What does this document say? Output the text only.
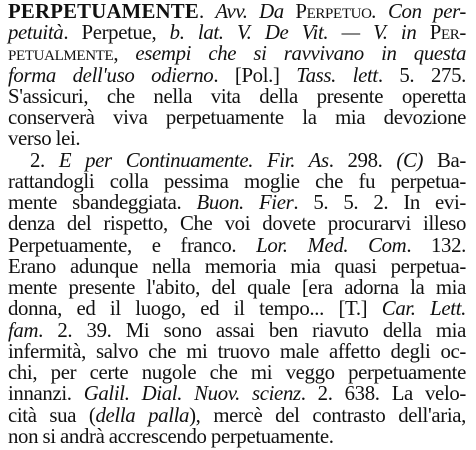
PERPETUAMENTE. Avv. Da Perpetuo. Con per-
petuità. Perpetue, b. lat. V. De Vit. — V. in Per-
petualmente, esempi che si ravvivano in questa
forma dell'uso odierno. [Pol.] Tass. lett. 5. 275.
S'assicuri, che nella vita della presente operetta
conserverà viva perpetuamente la mia devozione
verso lei.
2. E per Continuamente. Fir. As. 298. (C) Ba-
rattandogli colla pessima moglie che fu perpetua-
mente sbandeggiata. Buon. Fier. 5. 5. 2. In evi-
denza del rispetto, Che voi dovete procurarvi illeso
Perpetuamente, e franco. Lor. Med. Com. 132.
Erano adunque nella memoria mia quasi perpetua-
mente presente l'abito, del quale [era adorna la mia
donna, ed il luogo, ed il tempo... [T.] Car. Lett.
fam. 2. 39. Mi sono assai ben riavuto della mia
infermità, salvo che mi truovo male affetto degli oc-
chi, per certe nugole che mi veggo perpetuamente
innanzi. Galil. Dial. Nuov. scienz. 2. 638. La velo-
cità sua (della palla), mercè del contrasto dell'aria,
non si andrà accrescendo perpetuamente.
